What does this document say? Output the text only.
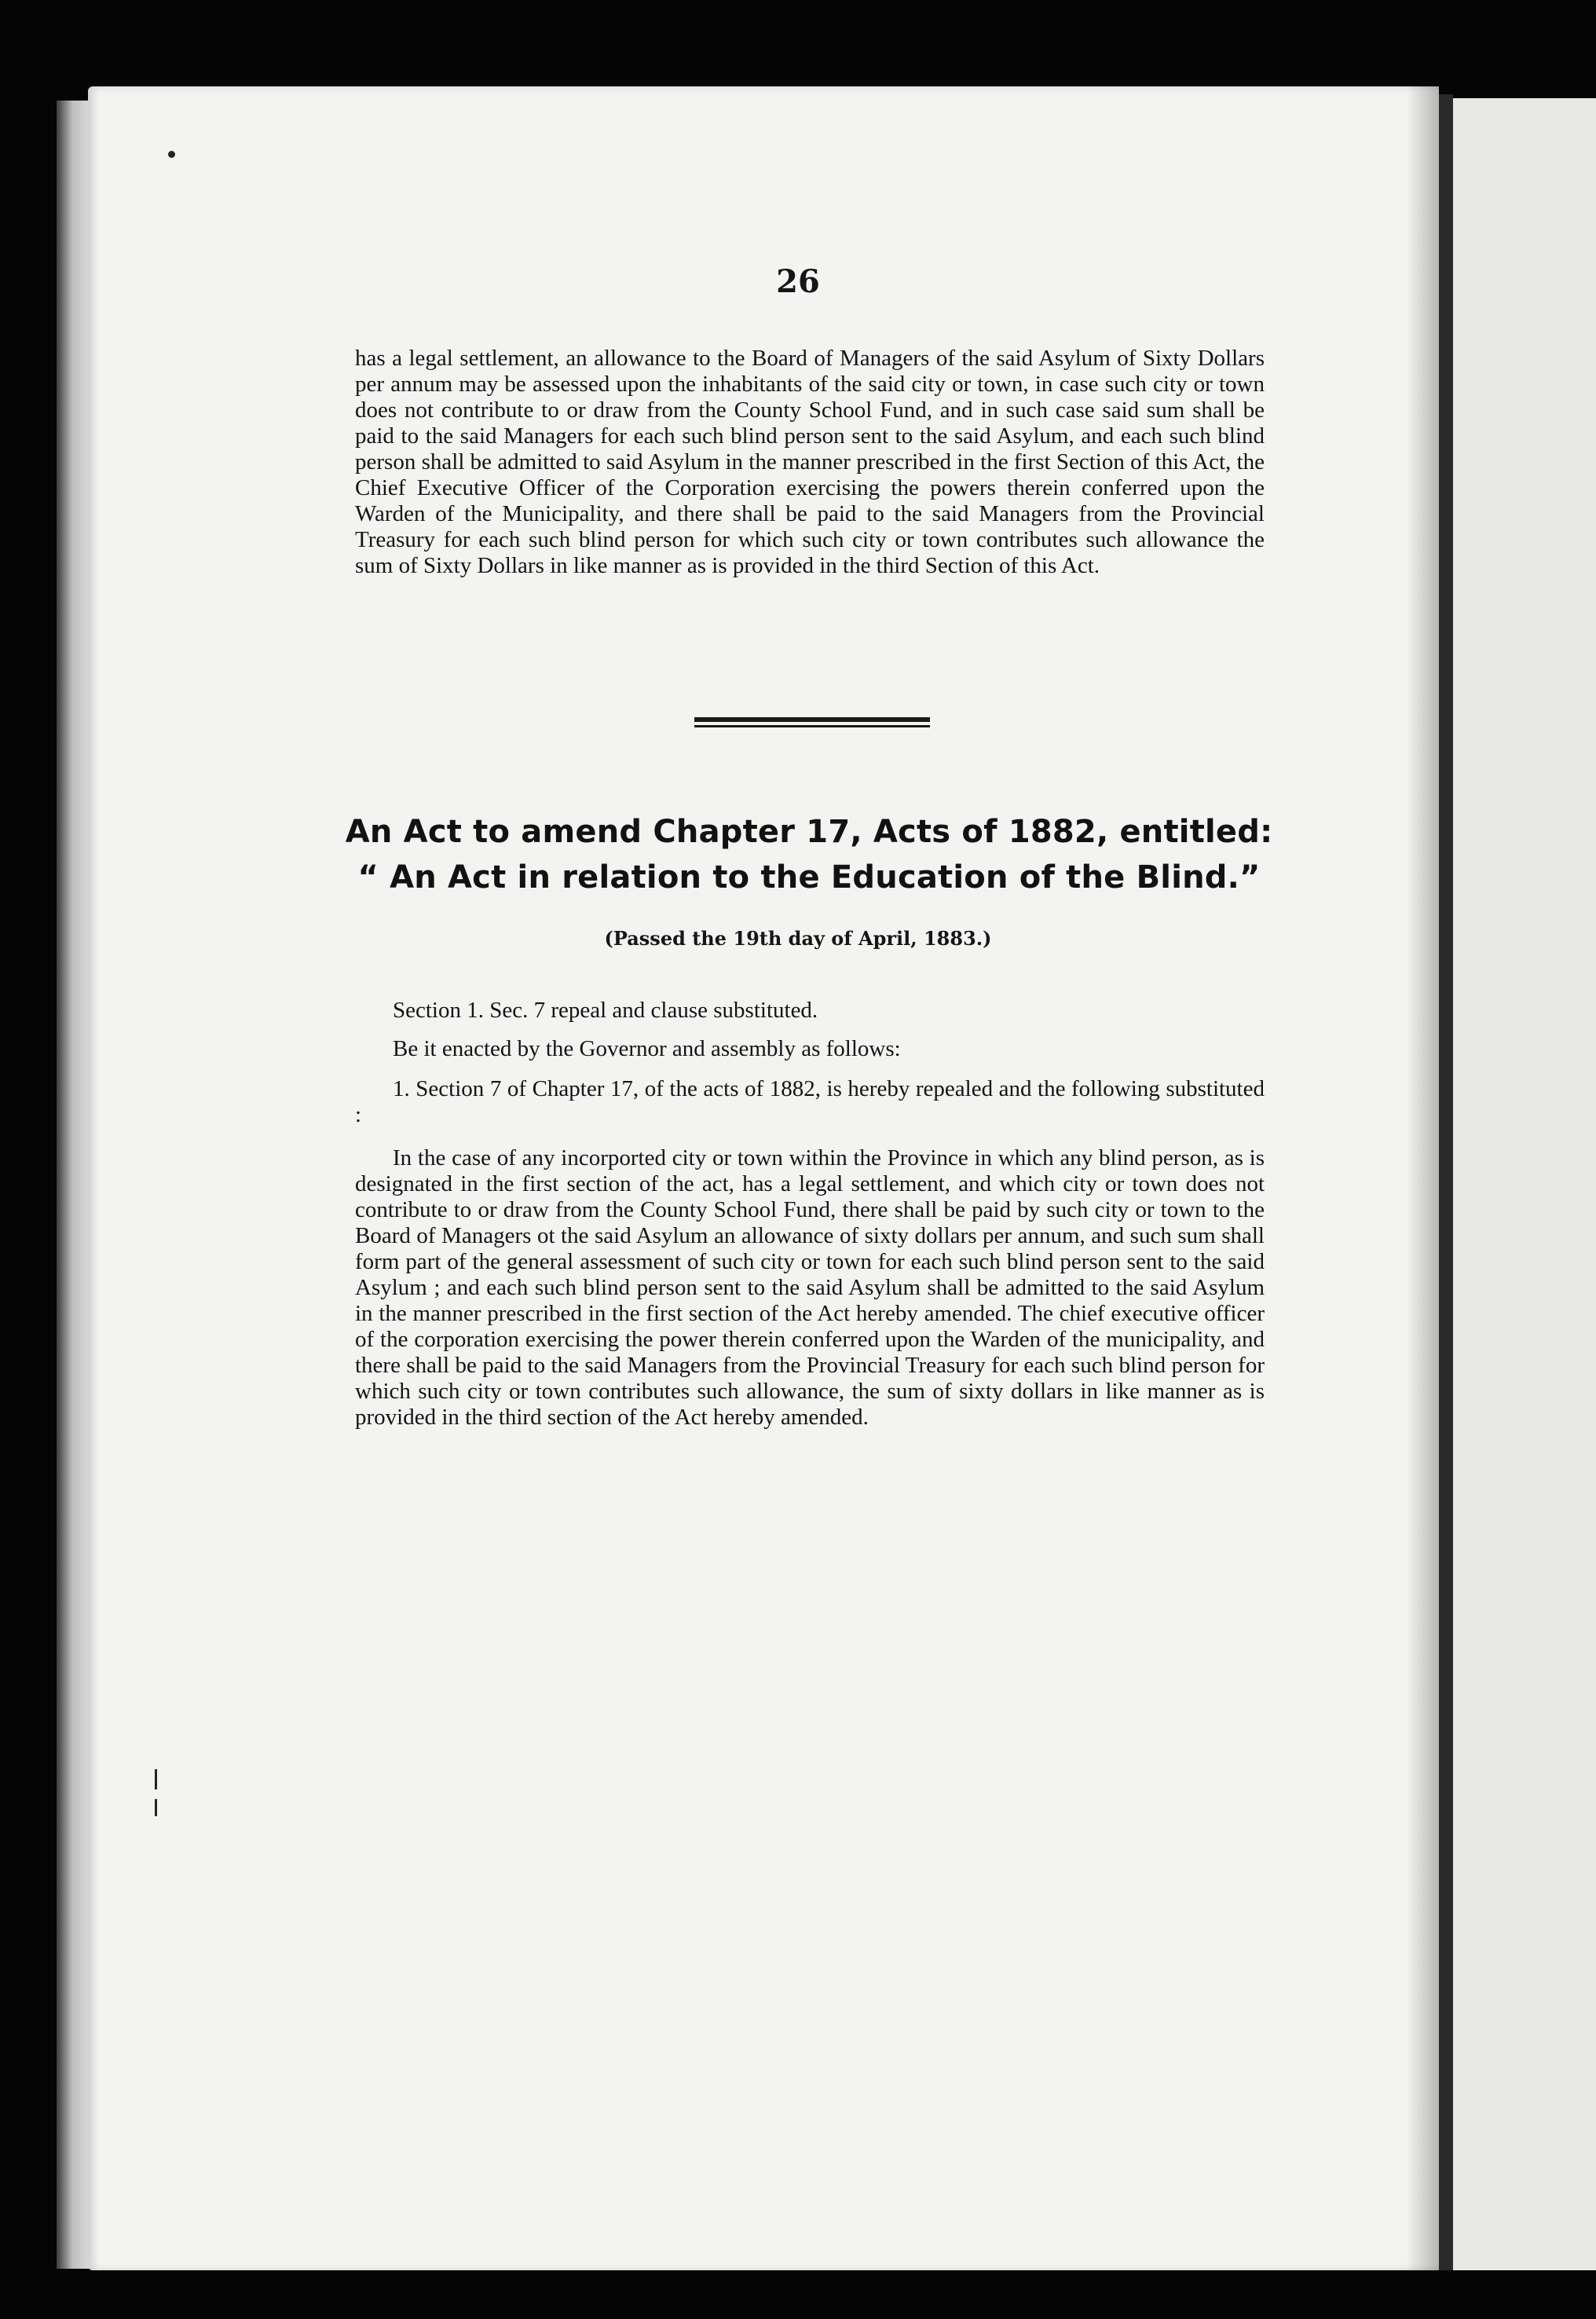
26
has a legal settlement, an allowance to the Board of Managers of the said Asylum of Sixty Dollars per annum may be assessed upon the inhabitants of the said city or town, in case such city or town does not contribute to or draw from the County School Fund, and in such case said sum shall be paid to the said Managers for each such blind person sent to the said Asylum, and each such blind person shall be admitted to said Asylum in the manner prescribed in the first Section of this Act, the Chief Executive Officer of the Corporation exercising the powers therein conferred upon the Warden of the Municipality, and there shall be paid to the said Managers from the Provincial Treasury for each such blind person for which such city or town contributes such allowance the sum of Sixty Dollars in like manner as is provided in the third Section of this Act.
An Act to amend Chapter 17, Acts of 1882, entitled:
“ An Act in relation to the Education of the Blind.”
(Passed the 19th day of April, 1883.)
Section 1. Sec. 7 repeal and clause substituted.
Be it enacted by the Governor and assembly as follows:
1. Section 7 of Chapter 17, of the acts of 1882, is hereby repealed and the following substituted :
In the case of any incorported city or town within the Province in which any blind person, as is designated in the first section of the act, has a legal settlement, and which city or town does not contribute to or draw from the County School Fund, there shall be paid by such city or town to the Board of Managers ot the said Asylum an allowance of sixty dollars per annum, and such sum shall form part of the general assessment of such city or town for each such blind person sent to the said Asylum ; and each such blind person sent to the said Asylum shall be admitted to the said Asylum in the manner prescribed in the first section of the Act hereby amended. The chief executive officer of the corporation exercising the power therein conferred upon the Warden of the municipality, and there shall be paid to the said Managers from the Provincial Treasury for each such blind person for which such city or town contributes such allowance, the sum of sixty dollars in like manner as is provided in the third section of the Act hereby amended.
